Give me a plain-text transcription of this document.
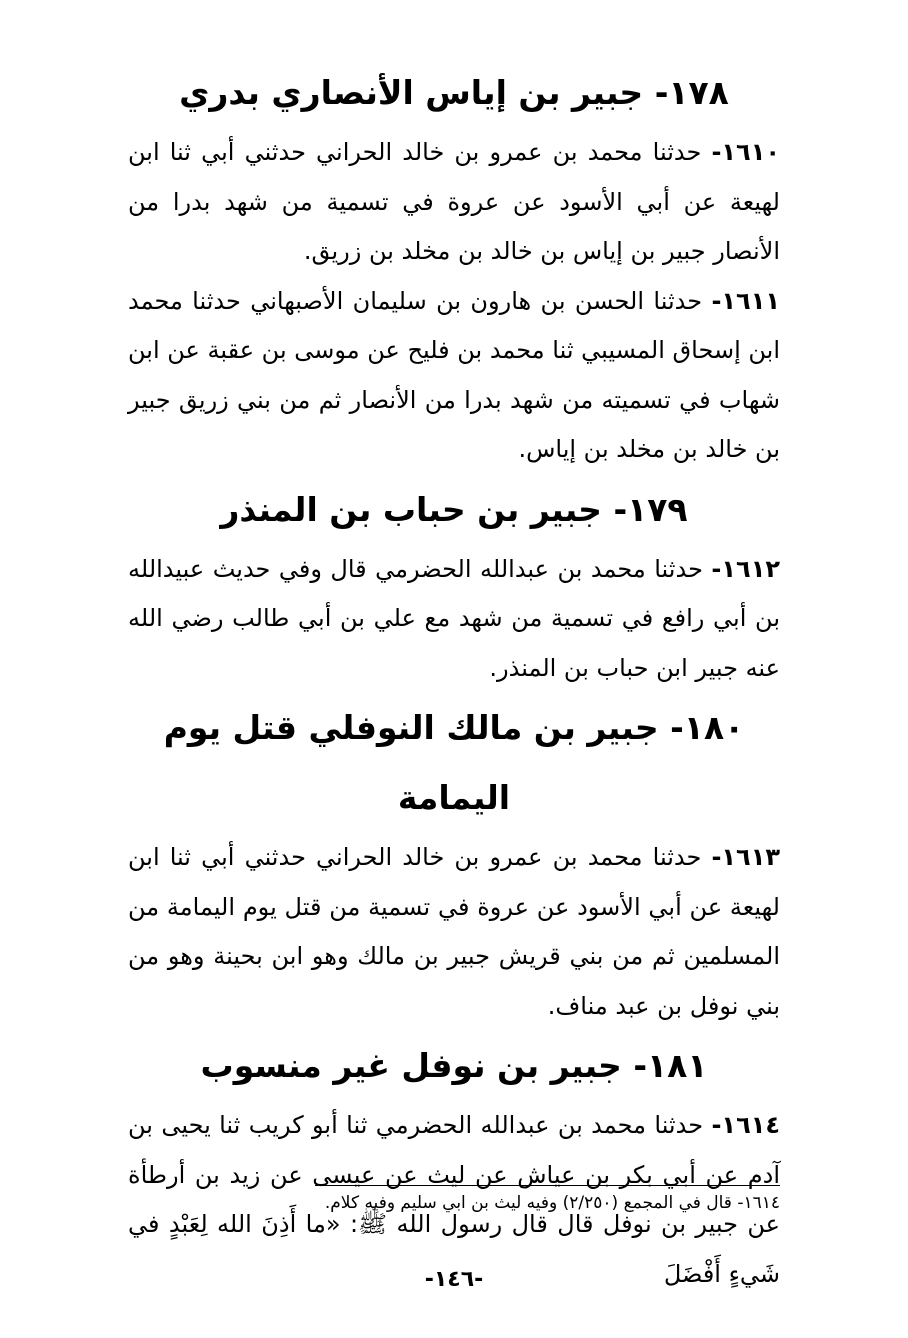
١٧٨- جبير بن إياس الأنصاري بدري

١٦١٠- حدثنا محمد بن عمرو بن خالد الحراني حدثني أبي ثنا ابن لهيعة عن أبي الأسود عن عروة في تسمية من شهد بدرا من الأنصار جبير بن إياس بن خالد بن مخلد بن زريق.

١٦١١- حدثنا الحسن بن هارون بن سليمان الأصبهاني حدثنا محمد ابن إسحاق المسيبي ثنا محمد بن فليح عن موسى بن عقبة عن ابن شهاب في تسميته من شهد بدرا من الأنصار ثم من بني زريق جبير بن خالد بن مخلد بن إياس.

١٧٩- جبير بن حباب بن المنذر

١٦١٢- حدثنا محمد بن عبدالله الحضرمي قال وفي حديث عبيدالله بن أبي رافع في تسمية من شهد مع علي بن أبي طالب رضي الله عنه جبير ابن حباب بن المنذر.

١٨٠- جبير بن مالك النوفلي قتل يوم اليمامة

١٦١٣- حدثنا محمد بن عمرو بن خالد الحراني حدثني أبي ثنا ابن لهيعة عن أبي الأسود عن عروة في تسمية من قتل يوم اليمامة من المسلمين ثم من بني قريش جبير بن مالك وهو ابن بحينة وهو من بني نوفل بن عبد مناف.

١٨١- جبير بن نوفل غير منسوب

١٦١٤- حدثنا محمد بن عبدالله الحضرمي ثنا أبو كريب ثنا يحيى بن آدم عن أبي بكر بن عياش عن ليث عن عيسى عن زيد بن أرطأة عن جبير بن نوفل قال قال رسول الله ﷺ: «ما أَذِنَ الله لِعَبْدٍ في شَيءٍ أَفْضَلَ

١٦١٤- قال في المجمع (٢/٢٥٠) وفيه ليث بن ابي سليم وفيه كلام.

-١٤٦-
